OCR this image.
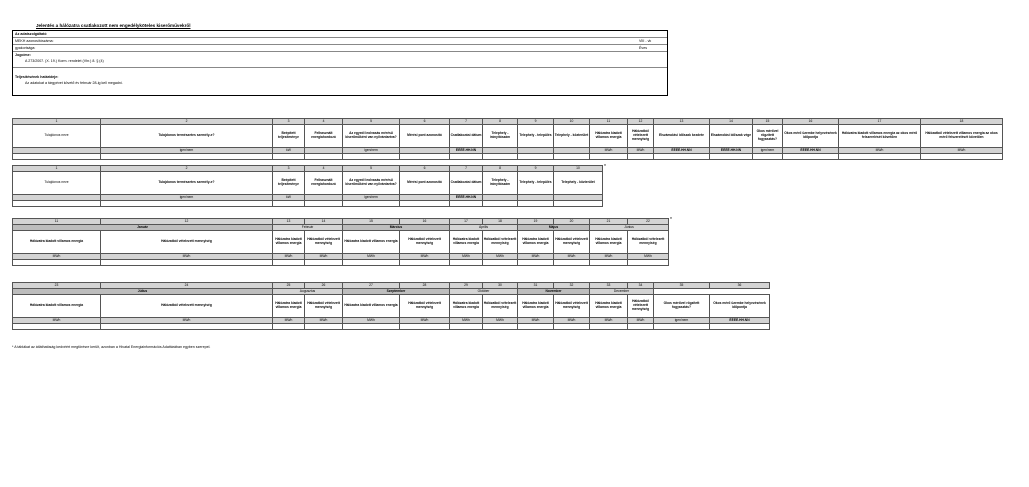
Jelentés a hálózatra csatlakozott nem engedélyköteles kiserőművekről
Az adatszolgáltató
MEKH azonosítószáma:	VIII - vk
gyakorisága:	Éves
Jogcíme:
A 273/2007. (X. 19.) Korm. rendelet (Vhr.) 8. § (4)
Teljesítésének határideje:
Az adatokat a tárgyévet követő év február 28-ig kell megadni.
1	2	3	4	5	6	7	8	9	10	11	12	13	14	15	16	17	18
Tulajdonos neve	Tulajdonos természetes személy-e?	Beépített teljesítménye	Felhasznált energiahordozó	Az egyedi leolvasás mérésű kiserőműként van nyilvántartva?	Mérési pont azonosító	Csatlakozási dátum	Telephely - irányítószám	Telephely - település	Telephely - közterület	Hálózatra kiadott villamos energia	Hálózatból vételezett mennyiség	Elszámolási időszak kezdete	Elszámolási időszak vége	Okos mérővel rögzített fogyasztás?	Okos mérő üzembe helyezésének időpontja	Hálózatra kiadott villamos energia az okos mérő felszerelését követően	Hálózatból vételezett villamos energia az okos mérő felszerelését követően
	igen/nem	kW		igen/nem		ÉÉÉÉ.HH.NN				MWh	MWh	ÉÉÉÉ.HH.NN	ÉÉÉÉ.HH.NN	igen/nem	ÉÉÉÉ.HH.NN	MWh	MWh

1	2	3	4	5	6	7	8	9	10
Tulajdonos neve	Tulajdonos természetes személy-e?	Beépített teljesítménye	Felhasznált energiahordozó	Az egyedi leolvasás mérésű kiserőműként van nyilvántartva?	Mérési pont azonosító	Csatlakozási dátum	Telephely - irányítószám	Telephely - település	Telephely - közterület
	igen/nem	kW		igen/nem		ÉÉÉÉ.HH.NN			

*
11	12	13	14	15	16	17	18	19	20	21	22
Január		Február		Március		Április		Május		Június	
Hálózatra kiadott villamos energia	Hálózatból vételezett mennyiség	Hálózatra kiadott villamos energia	Hálózatból vételezett mennyiség	Hálózatra kiadott villamos energia	Hálózatból vételezett mennyiség	Hálózatra kiadott villamos energia	Hálózatból vételezett mennyiség	Hálózatra kiadott villamos energia	Hálózatból vételezett mennyiség	Hálózatra kiadott villamos energia	Hálózatból vételezett mennyiség
MWh	MWh	MWh	MWh	MWh	MWh	MWh	MWh	MWh	MWh	MWh	MWh

*
23	24	25	26	27	28	29	30	31	32	33	34	35	36
Július		Augusztus		Szeptember		Október		November		December			
Hálózatra kiadott villamos energia	Hálózatból vételezett mennyiség	Hálózatra kiadott villamos energia	Hálózatból vételezett mennyiség	Hálózatra kiadott villamos energia	Hálózatból vételezett mennyiség	Hálózatra kiadott villamos energia	Hálózatból vételezett mennyiség	Hálózatra kiadott villamos energia	Hálózatból vételezett mennyiség	Hálózatra kiadott villamos energia	Hálózatból vételezett mennyiség	Okos mérővel rögzített fogyasztás?	Okos mérő üzembe helyezésének időpontja
MWh	MWh	MWh	MWh	MWh	MWh	MWh	MWh	MWh	MWh	MWh	MWh	igen/nem	ÉÉÉÉ.HH.NN

* A táblákat az átláthatóság kedvéért megtörésre került, azonban a Hivatal Energiainformációs Adattárában egyben szerepel.
